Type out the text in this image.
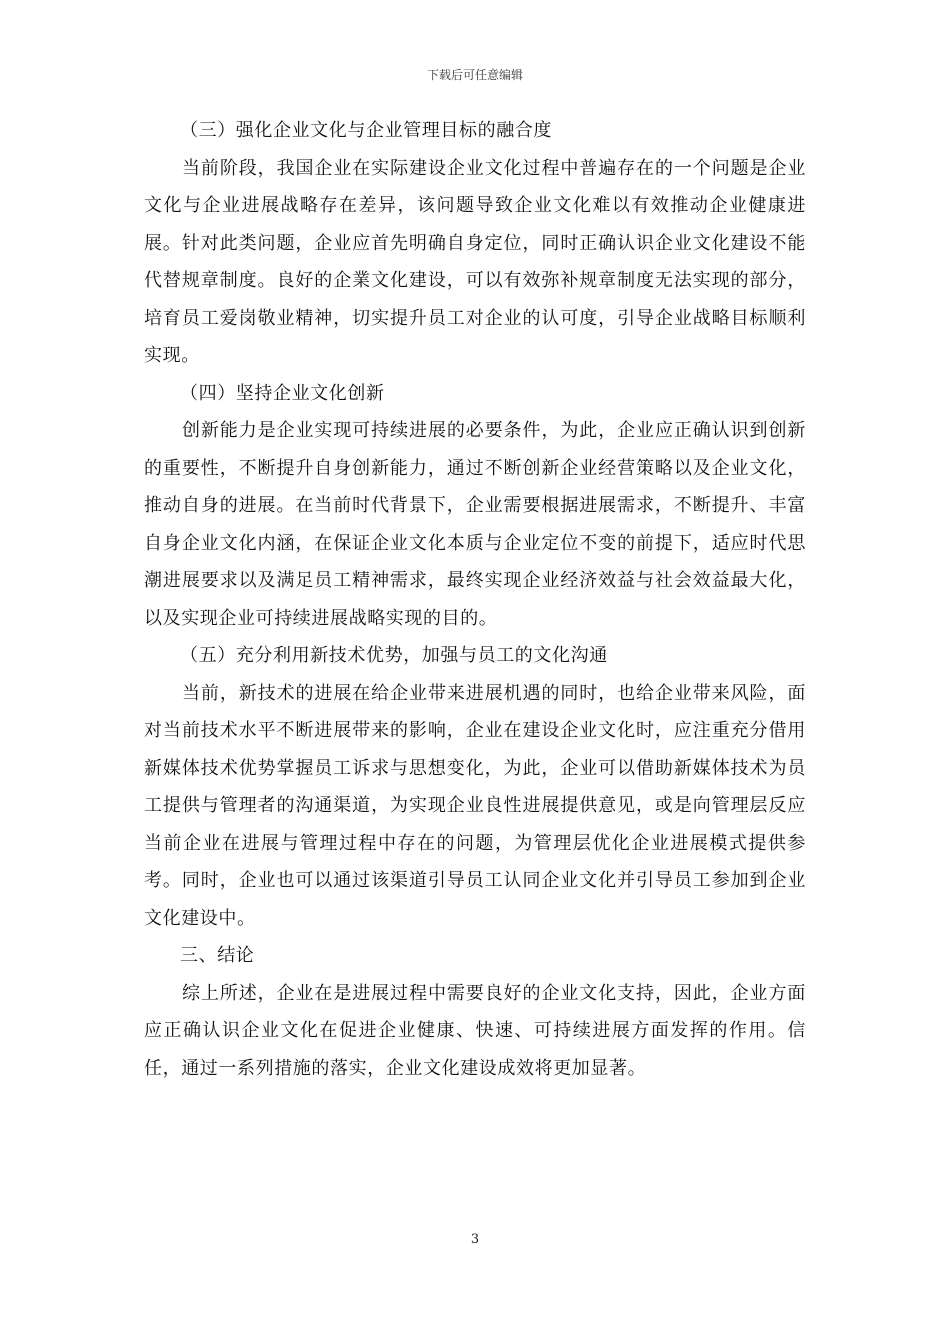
下载后可任意编辑

（三）强化企业文化与企业管理目标的融合度

当前阶段，我国企业在实际建设企业文化过程中普遍存在的一个问题是企业文化与企业进展战略存在差异，该问题导致企业文化难以有效推动企业健康进展。针对此类问题，企业应首先明确自身定位，同时正确认识企业文化建设不能代替规章制度。良好的企業文化建设，可以有效弥补规章制度无法实现的部分，培育员工爱岗敬业精神，切实提升员工对企业的认可度，引导企业战略目标顺利实现。

（四）坚持企业文化创新

创新能力是企业实现可持续进展的必要条件，为此，企业应正确认识到创新的重要性，不断提升自身创新能力，通过不断创新企业经营策略以及企业文化，推动自身的进展。在当前时代背景下，企业需要根据进展需求，不断提升、丰富自身企业文化内涵，在保证企业文化本质与企业定位不变的前提下，适应时代思潮进展要求以及满足员工精神需求，最终实现企业经济效益与社会效益最大化，以及实现企业可持续进展战略实现的目的。

（五）充分利用新技术优势，加强与员工的文化沟通

当前，新技术的进展在给企业带来进展机遇的同时，也给企业带来风险，面对当前技术水平不断进展带来的影响，企业在建设企业文化时，应注重充分借用新媒体技术优势掌握员工诉求与思想变化，为此，企业可以借助新媒体技术为员工提供与管理者的沟通渠道，为实现企业良性进展提供意见，或是向管理层反应当前企业在进展与管理过程中存在的问题，为管理层优化企业进展模式提供参考。同时，企业也可以通过该渠道引导员工认同企业文化并引导员工参加到企业文化建设中。

三、结论

综上所述，企业在是进展过程中需要良好的企业文化支持，因此，企业方面应正确认识企业文化在促进企业健康、快速、可持续进展方面发挥的作用。信任，通过一系列措施的落实，企业文化建设成效将更加显著。

3
